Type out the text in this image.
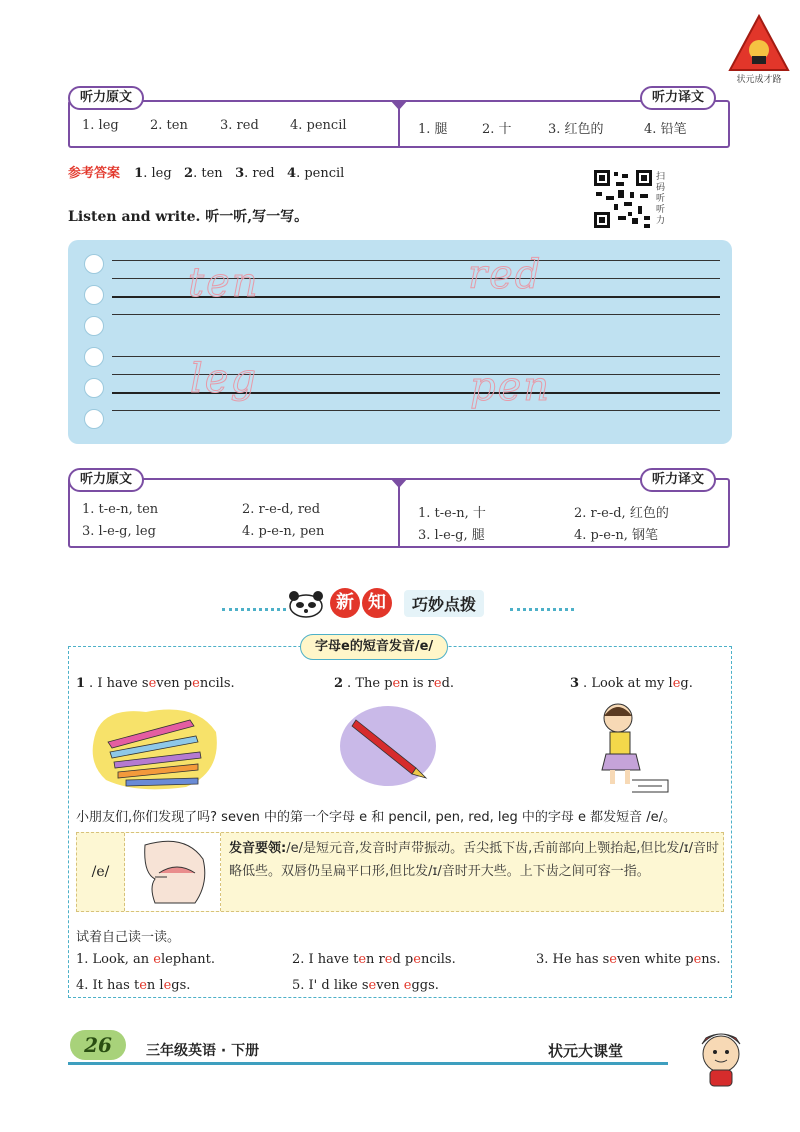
状元成才路
1. leg 2. ten 3. red 4. pencil	1. 腿	2. 十	3. 红色的	4. 铅笔
听力原文	听力译文
参考答案 1. leg 2. ten 3. red 4. pencil
Listen and write. 听一听,写一写。
扫码听听力
ten	red
leg	pen
1. t-e-n, ten	2. r-e-d, red
3. l-e-g, leg	4. p-e-n, pen
1. t-e-n, 十	2. r-e-d, 红色的
3. l-e-g, 腿	4. p-e-n, 钢笔
听力原文	听力译文
新 知	巧妙点拨
字母e的短音发音/e/
1 . I have seven pencils.	2 . The pen is red.	3 . Look at my leg.
小朋友们,你们发现了吗? seven 中的第一个字母 e 和 pencil, pen, red, leg 中的字母 e 都发短音 /e/。
/e/
发音要领:/e/是短元音,发音时声带振动。舌尖抵下齿,舌前部向上颚抬起,但比发/ɪ/音时略低些。双唇仍呈扁平口形,但比发/ɪ/音时开大些。上下齿之间可容一指。
试着自己读一读。
1. Look, an elephant.	2. I have ten red pencils.	3. He has seven white pens.
4. It has ten legs.	5. I' d like seven eggs.
26	三年级英语 · 下册	状元大课堂
